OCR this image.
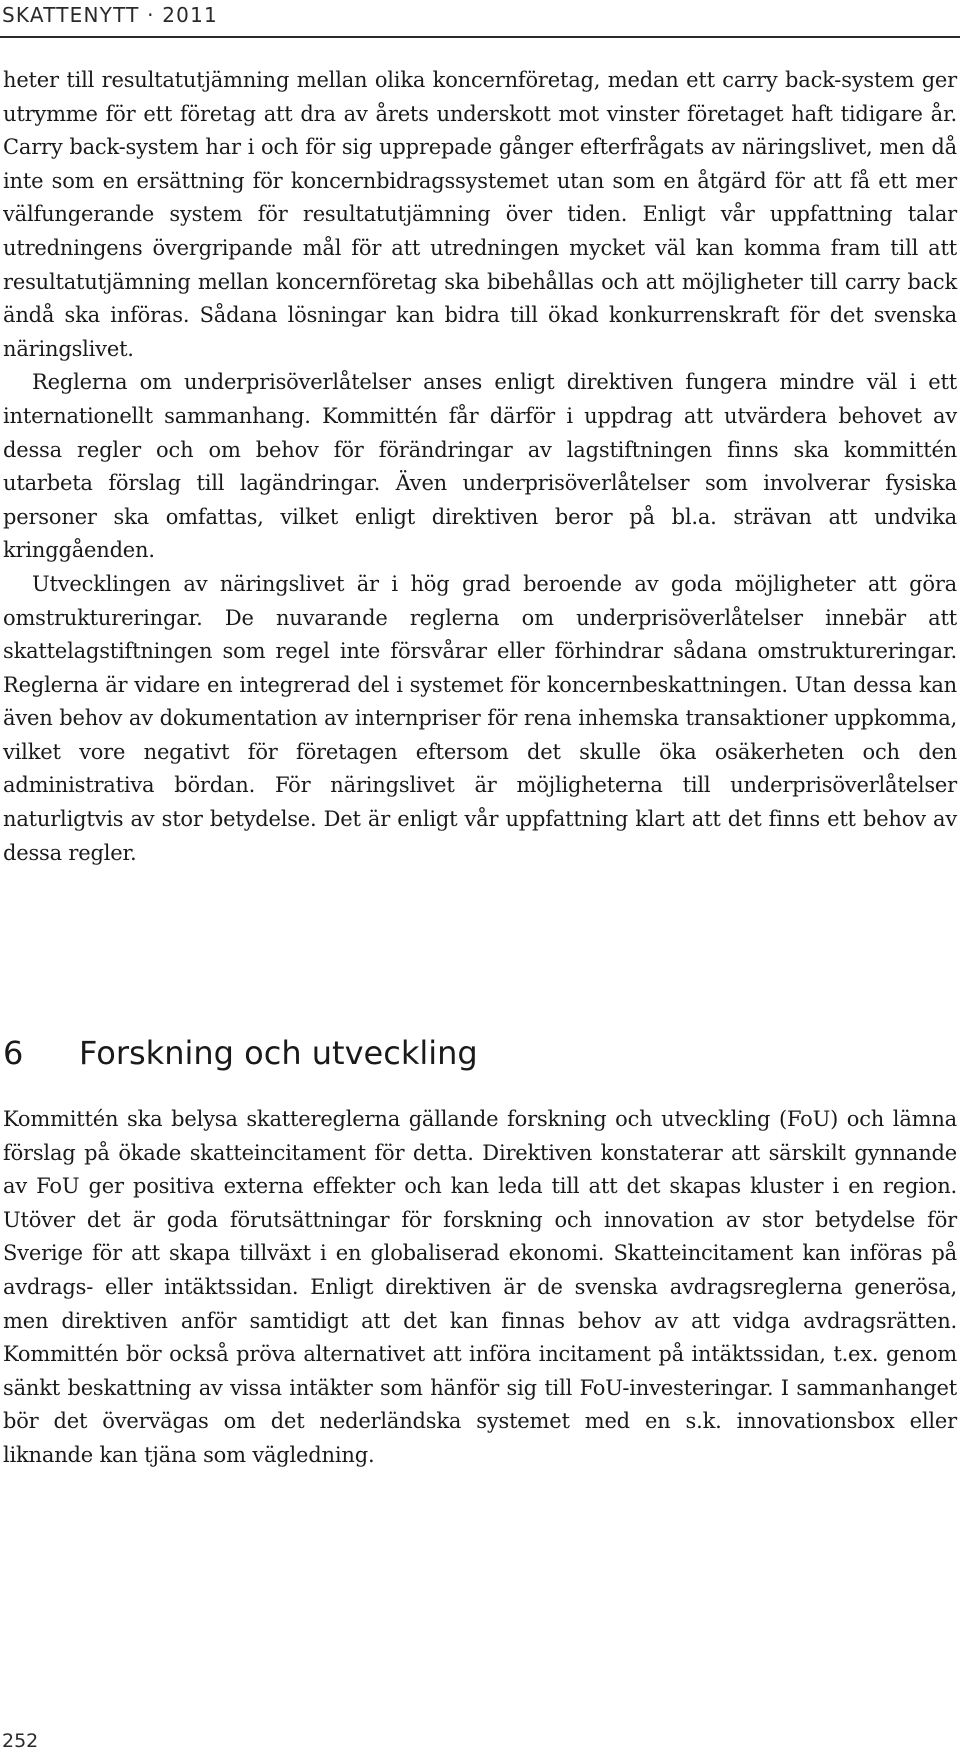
SKATTENYTT · 2011

heter till resultatutjämning mellan olika koncernföretag, medan ett carry back-system ger utrymme för ett företag att dra av årets underskott mot vinster företaget haft tidigare år. Carry back-system har i och för sig upprepade gånger efterfrågats av näringslivet, men då inte som en ersättning för koncernbidragssystemet utan som en åtgärd för att få ett mer välfungerande system för resultatutjämning över tiden. Enligt vår uppfattning talar utredningens övergripande mål för att utredningen mycket väl kan komma fram till att resultatutjämning mellan koncernföretag ska bibehållas och att möjligheter till carry back ändå ska införas. Sådana lösningar kan bidra till ökad konkurrenskraft för det svenska näringslivet.

Reglerna om underprisöverlåtelser anses enligt direktiven fungera mindre väl i ett internationellt sammanhang. Kommittén får därför i uppdrag att utvärdera behovet av dessa regler och om behov för förändringar av lagstiftningen finns ska kommittén utarbeta förslag till lagändringar. Även underprisöverlåtelser som involverar fysiska personer ska omfattas, vilket enligt direktiven beror på bl.a. strävan att undvika kringgåenden.

Utvecklingen av näringslivet är i hög grad beroende av goda möjligheter att göra omstruktureringar. De nuvarande reglerna om underprisöverlåtelser innebär att skattelagstiftningen som regel inte försvårar eller förhindrar sådana omstruktureringar. Reglerna är vidare en integrerad del i systemet för koncernbeskattningen. Utan dessa kan även behov av dokumentation av internpriser för rena inhemska transaktioner uppkomma, vilket vore negativt för företagen eftersom det skulle öka osäkerheten och den administrativa bördan. För näringslivet är möjligheterna till underprisöverlåtelser naturligtvis av stor betydelse. Det är enligt vår uppfattning klart att det finns ett behov av dessa regler.

6 Forskning och utveckling

Kommittén ska belysa skattereglerna gällande forskning och utveckling (FoU) och lämna förslag på ökade skatteincitament för detta. Direktiven konstaterar att särskilt gynnande av FoU ger positiva externa effekter och kan leda till att det skapas kluster i en region. Utöver det är goda förutsättningar för forskning och innovation av stor betydelse för Sverige för att skapa tillväxt i en globaliserad ekonomi. Skatteincitament kan införas på avdrags- eller intäktssidan. Enligt direktiven är de svenska avdragsreglerna generösa, men direktiven anför samtidigt att det kan finnas behov av att vidga avdragsrätten. Kommittén bör också pröva alternativet att införa incitament på intäktssidan, t.ex. genom sänkt beskattning av vissa intäkter som hänför sig till FoU-investeringar. I sammanhanget bör det övervägas om det nederländska systemet med en s.k. innovationsbox eller liknande kan tjäna som vägledning.

252
